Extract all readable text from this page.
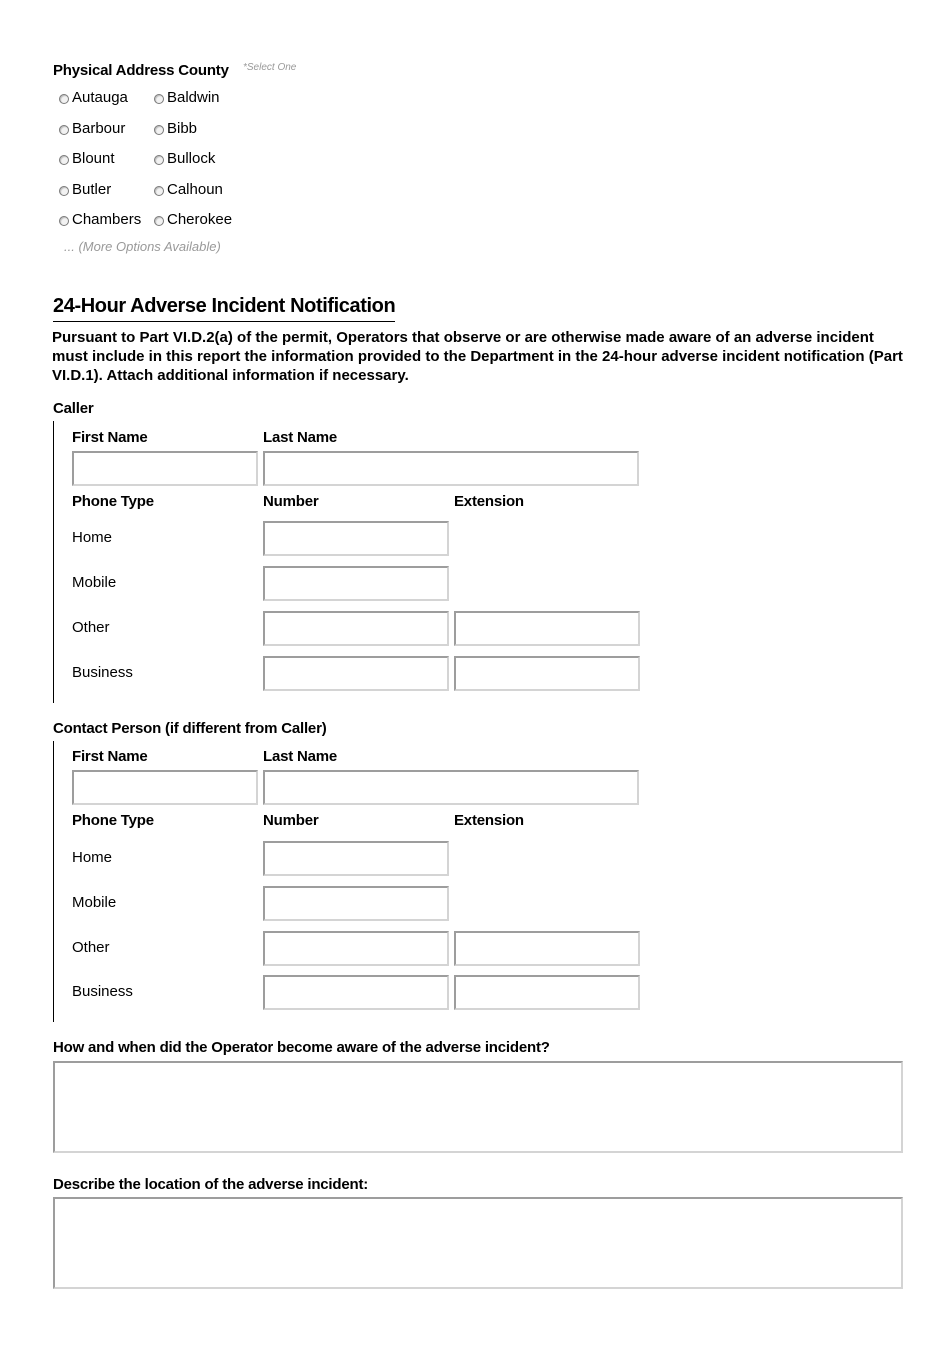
Physical Address County *Select One
Autauga	Baldwin
Barbour	Bibb
Blount	Bullock
Butler	Calhoun
Chambers Cherokee
... (More Options Available)
24-Hour Adverse Incident Notification
Pursuant to Part VI.D.2(a) of the permit, Operators that observe or are otherwise made aware of an adverse incident must include in this report the information provided to the Department in the 24-hour adverse incident notification (Part VI.D.1). Attach additional information if necessary.
Caller
First Name	Last Name
Phone Type	Number	Extension
Home
Mobile
Other
Business
Contact Person (if different from Caller)
First Name	Last Name
Phone Type	Number	Extension
Home
Mobile
Other
Business
How and when did the Operator become aware of the adverse incident?
Describe the location of the adverse incident:
